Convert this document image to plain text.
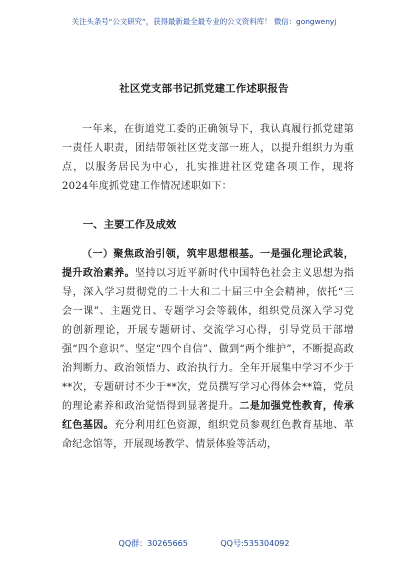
关注头条号“公文研究”，获得最新最全最专业的公文资料库！ 微信：gongwenyj
社区党支部书记抓党建工作述职报告

一年来，在街道党工委的正确领导下，我认真履行抓党建第一责任人职责，团结带领社区党支部一班人，以提升组织力为重点，以服务居民为中心，扎实推进社区党建各项工作，现将2024年度抓党建工作情况述职如下：

一、主要工作及成效

（一）聚焦政治引领，筑牢思想根基。一是强化理论武装，提升政治素养。坚持以习近平新时代中国特色社会主义思想为指导，深入学习贯彻党的二十大和二十届三中全会精神，依托“三会一课”、主题党日、专题学习会等载体，组织党员深入学习党的创新理论，开展专题研讨、交流学习心得，引导党员干部增强“四个意识”、坚定“四个自信”、做到“两个维护”，不断提高政治判断力、政治领悟力、政治执行力。全年开展集中学习不少于**次，专题研讨不少于**次，党员撰写学习心得体会**篇，党员的理论素养和政治觉悟得到显著提升。二是加强党性教育，传承红色基因。充分利用红色资源，组织党员参观红色教育基地、革命纪念馆等，开展现场教学、情景体验等活动，

QQ群：30265665	QQ号:535304092
